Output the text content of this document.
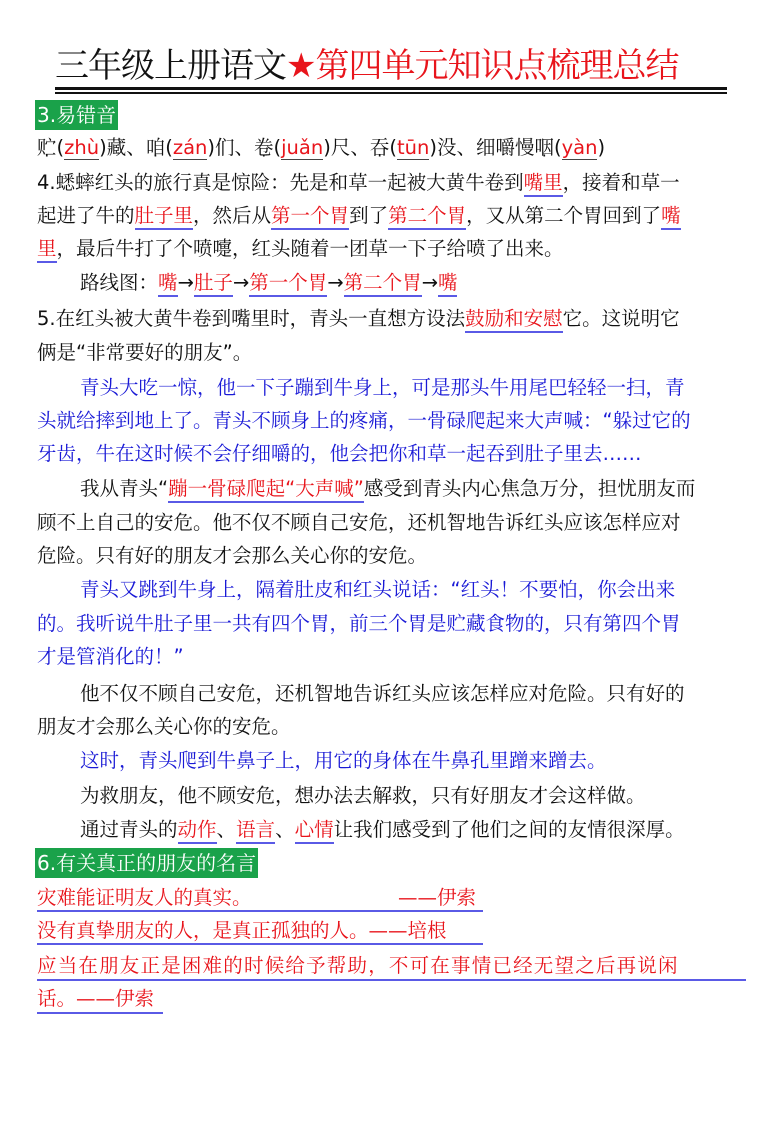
三年级上册语文★第四单元知识点梳理总结
3.易错音
贮(zhù)藏、咱(zán)们、卷(juǎn)尺、吞(tūn)没、细嚼慢咽(yàn)
4.蟋蟀红头的旅行真是惊险：先是和草一起被大黄牛卷到嘴里，接着和草一
起进了牛的肚子里，然后从第一个胃到了第二个胃，又从第二个胃回到了嘴
里，最后牛打了个喷嚏，红头随着一团草一下子给喷了出来。
路线图：嘴→肚子→第一个胃→第二个胃→嘴
5.在红头被大黄牛卷到嘴里时，青头一直想方设法鼓励和安慰它。这说明它
俩是“非常要好的朋友”。
青头大吃一惊，他一下子蹦到牛身上，可是那头牛用尾巴轻轻一扫，青
头就给摔到地上了。青头不顾身上的疼痛，一骨碌爬起来大声喊：“躲过它的
牙齿，牛在这时候不会仔细嚼的，他会把你和草一起吞到肚子里去……
我从青头“蹦一骨碌爬起“大声喊”感受到青头内心焦急万分，担忧朋友而
顾不上自己的安危。他不仅不顾自己安危，还机智地告诉红头应该怎样应对
危险。只有好的朋友才会那么关心你的安危。
青头又跳到牛身上，隔着肚皮和红头说话：“红头！不要怕，你会出来
的。我听说牛肚子里一共有四个胃，前三个胃是贮藏食物的，只有第四个胃
才是管消化的！”
他不仅不顾自己安危，还机智地告诉红头应该怎样应对危险。只有好的
朋友才会那么关心你的安危。
这时，青头爬到牛鼻子上，用它的身体在牛鼻孔里蹭来蹭去。
为救朋友，他不顾安危，想办法去解救，只有好朋友才会这样做。
通过青头的动作、语言、心情让我们感受到了他们之间的友情很深厚。
6.有关真正的朋友的名言
灾难能证明友人的真实。	——伊索
没有真挚朋友的人，是真正孤独的人。——培根
应当在朋友正是困难的时候给予帮助，不可在事情已经无望之后再说闲
话。——伊索
